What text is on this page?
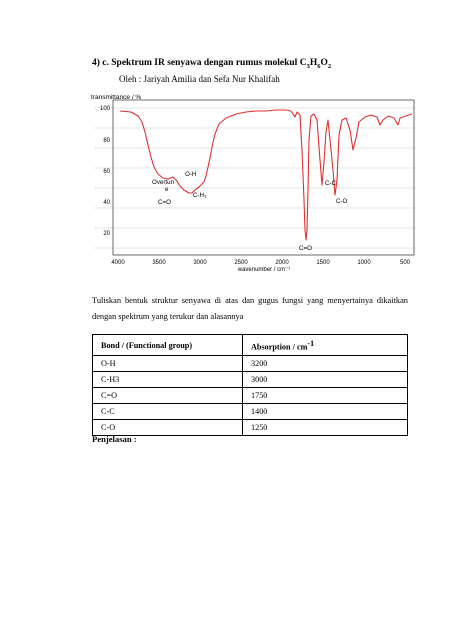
4) c. Spektrum IR senyawa dengan rumus molekul $C_3H_6O_2$
Oleh : Jariyah Amilia dan Sefa Nur Khalifah
transmittance / %
100
80
60
40
20
4000	3500	3000	2500	2000	1500	1000	500
wavenumber / cm⁻¹
O-H
Overtun
e
C-H₃
C=O
C-C
C-O
C=O
Tuliskan bentuk struktur senyawa di atas dan gugus fungsi yang menyertainya dikaitkan dengan spektrum yang terukur dan alasannya
Bond / (Functional group)	Absorption / $cm^{-1}$
O-H	3200
C-H3	3000
C=O	1750
C-C	1400
C-O	1250
Penjelasan :
